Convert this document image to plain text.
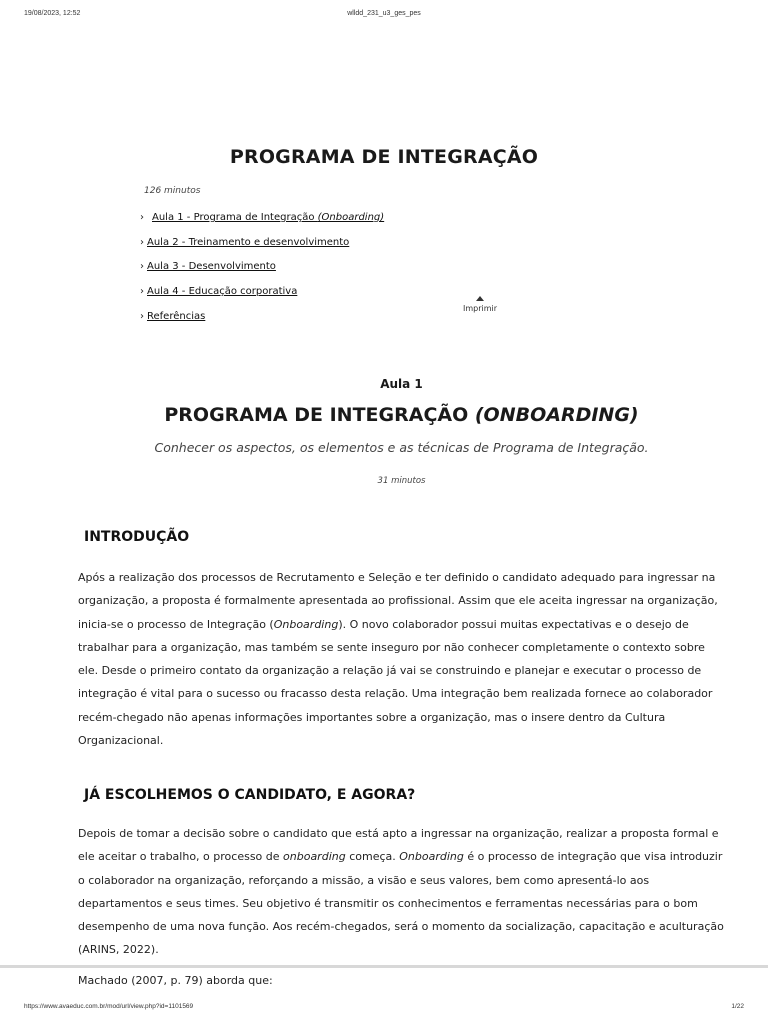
19/08/2023, 12:52	wlldd_231_u3_ges_pes
PROGRAMA DE INTEGRAÇÃO
126 minutos
› Aula 1 - Programa de Integração (Onboarding)
› Aula 2 - Treinamento e desenvolvimento
› Aula 3 - Desenvolvimento
› Aula 4 - Educação corporativa
› Referências
Imprimir
Aula 1
PROGRAMA DE INTEGRAÇÃO (ONBOARDING)
Conhecer os aspectos, os elementos e as técnicas de Programa de Integração.
31 minutos
INTRODUÇÃO

Após a realização dos processos de Recrutamento e Seleção e ter definido o candidato adequado para ingressar na organização, a proposta é formalmente apresentada ao profissional. Assim que ele aceita ingressar na organização, inicia-se o processo de Integração (Onboarding). O novo colaborador possui muitas expectativas e o desejo de trabalhar para a organização, mas também se sente inseguro por não conhecer completamente o contexto sobre ele. Desde o primeiro contato da organização a relação já vai se construindo e planejar e executar o processo de integração é vital para o sucesso ou fracasso desta relação. Uma integração bem realizada fornece ao colaborador recém-chegado não apenas informações importantes sobre a organização, mas o insere dentro da Cultura Organizacional.

JÁ ESCOLHEMOS O CANDIDATO, E AGORA?

Depois de tomar a decisão sobre o candidato que está apto a ingressar na organização, realizar a proposta formal e ele aceitar o trabalho, o processo de onboarding começa. Onboarding é o processo de integração que visa introduzir o colaborador na organização, reforçando a missão, a visão e seus valores, bem como apresentá-lo aos departamentos e seus times. Seu objetivo é transmitir os conhecimentos e ferramentas necessárias para o bom desempenho de uma nova função. Aos recém-chegados, será o momento da socialização, capacitação e aculturação (ARINS, 2022).

Machado (2007, p. 79) aborda que:
https://www.avaeduc.com.br/mod/url/view.php?id=1101569	1/22
